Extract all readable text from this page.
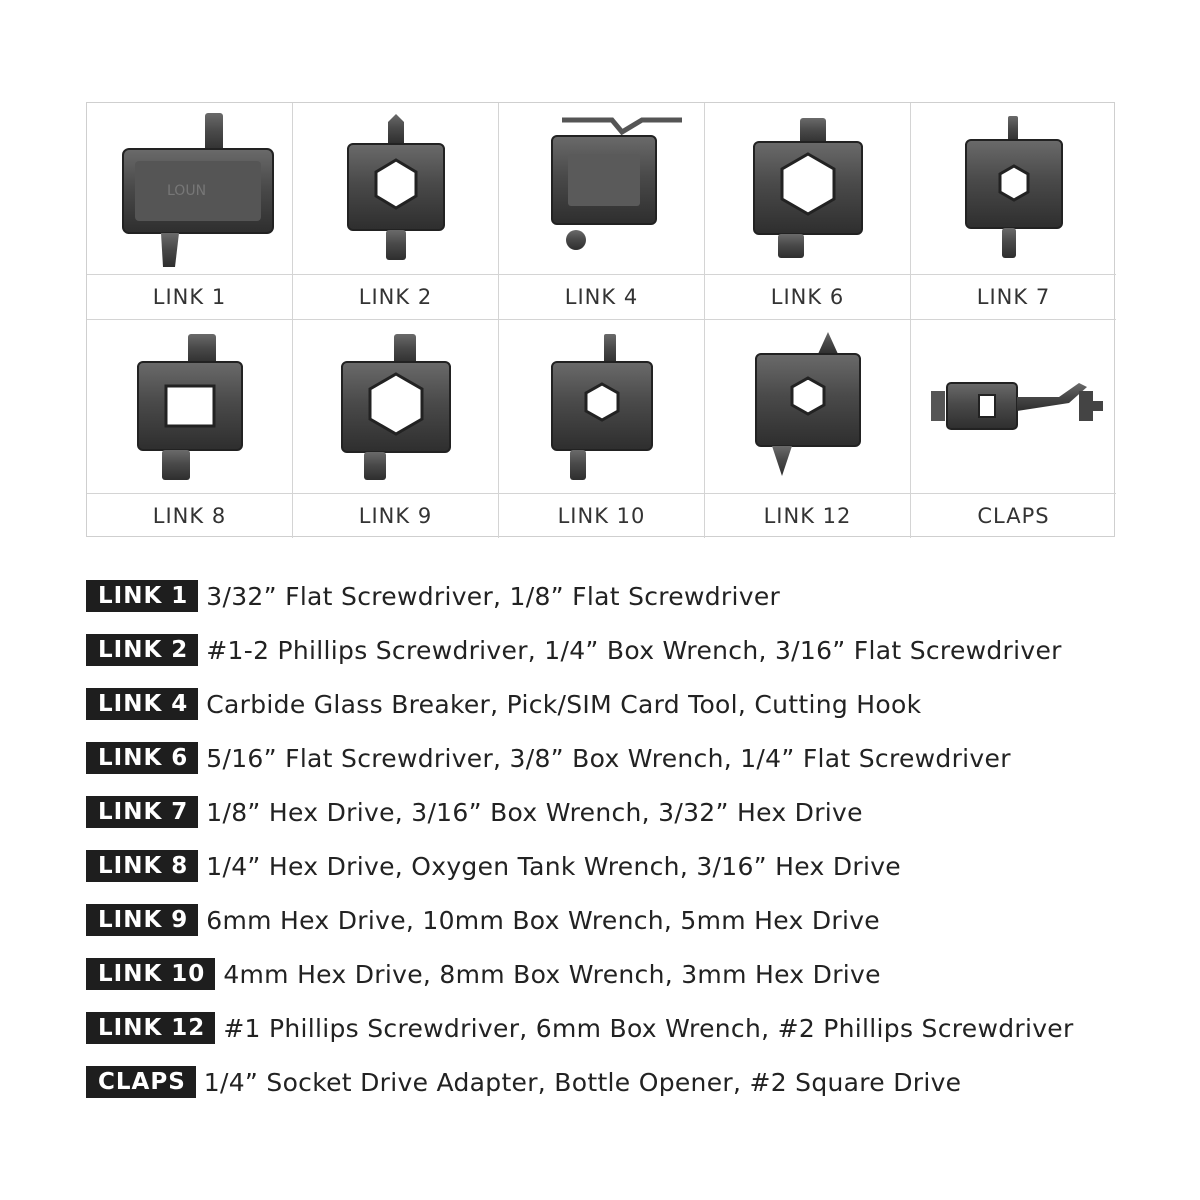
LOUN
LINK 1	LINK 2	LINK 4	LINK 6	LINK 7
LINK 8	LINK 9	LINK 10	LINK 12	CLAPS
LINK 1 3/32” Flat Screwdriver, 1/8” Flat Screwdriver
LINK 2 #1-2 Phillips Screwdriver, 1/4” Box Wrench, 3/16” Flat Screwdriver
LINK 4 Carbide Glass Breaker, Pick/SIM Card Tool, Cutting Hook
LINK 6 5/16” Flat Screwdriver, 3/8” Box Wrench, 1/4” Flat Screwdriver
LINK 7 1/8” Hex Drive, 3/16” Box Wrench, 3/32” Hex Drive
LINK 8 1/4” Hex Drive, Oxygen Tank Wrench, 3/16” Hex Drive
LINK 9 6mm Hex Drive, 10mm Box Wrench, 5mm Hex Drive
LINK 10 4mm Hex Drive, 8mm Box Wrench, 3mm Hex Drive
LINK 12 #1 Phillips Screwdriver, 6mm Box Wrench, #2 Phillips Screwdriver
CLAPS 1/4” Socket Drive Adapter, Bottle Opener, #2 Square Drive
